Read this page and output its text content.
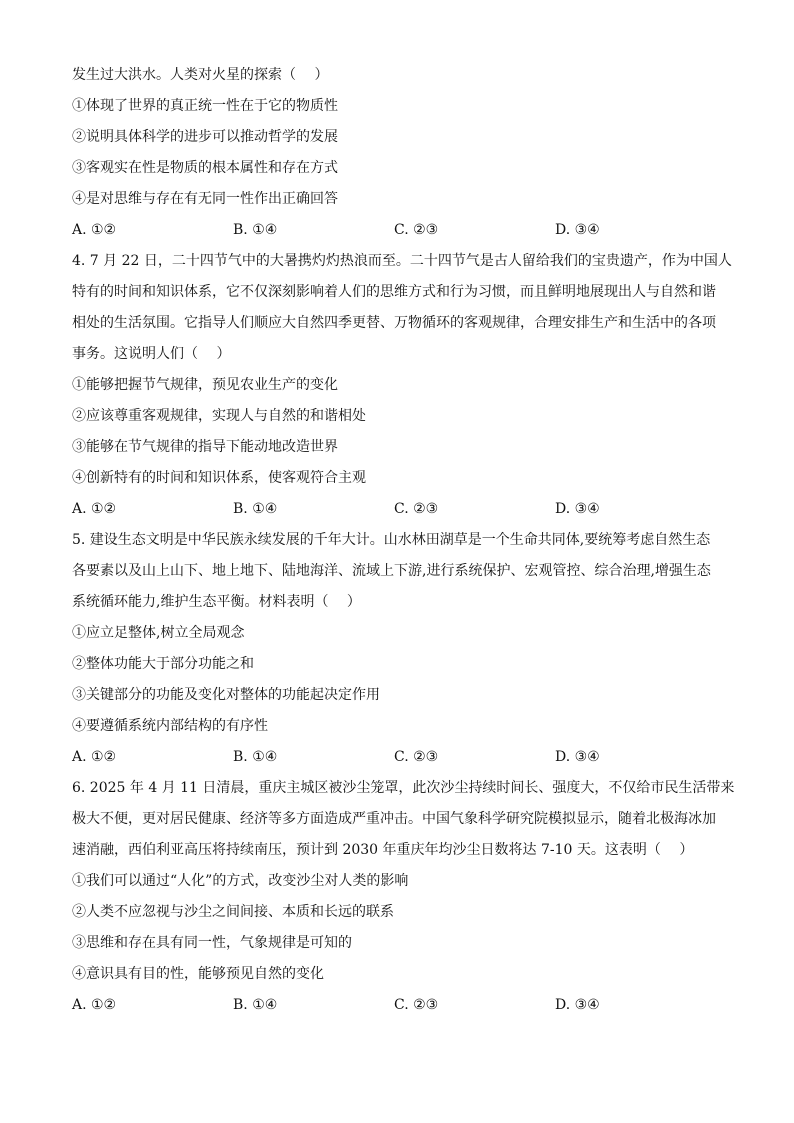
发生过大洪水。人类对火星的探索（　 ）
①体现了世界的真正统一性在于它的物质性
②说明具体科学的进步可以推动哲学的发展
③客观实在性是物质的根本属性和存在方式
④是对思维与存在有无同一性作出正确回答
A. ①②	B. ①④	C. ②③	D. ③④
4. 7 月 22 日，二十四节气中的大暑携灼灼热浪而至。二十四节气是古人留给我们的宝贵遗产，作为中国人
特有的时间和知识体系，它不仅深刻影响着人们的思维方式和行为习惯，而且鲜明地展现出人与自然和谐
相处的生活氛围。它指导人们顺应大自然四季更替、万物循环的客观规律，合理安排生产和生活中的各项
事务。这说明人们（　 ）
①能够把握节气规律，预见农业生产的变化
②应该尊重客观规律，实现人与自然的和谐相处
③能够在节气规律的指导下能动地改造世界
④创新特有的时间和知识体系，使客观符合主观
A. ①②	B. ①④	C. ②③	D. ③④
5. 建设生态文明是中华民族永续发展的千年大计。山水林田湖草是一个生命共同体,要统筹考虑自然生态
各要素以及山上山下、地上地下、陆地海洋、流域上下游,进行系统保护、宏观管控、综合治理,增强生态
系统循环能力,维护生态平衡。材料表明（　 ）
①应立足整体,树立全局观念
②整体功能大于部分功能之和
③关键部分的功能及变化对整体的功能起决定作用
④要遵循系统内部结构的有序性
A. ①②	B. ①④	C. ②③	D. ③④
6. 2025 年 4 月 11 日清晨，重庆主城区被沙尘笼罩，此次沙尘持续时间长、强度大，不仅给市民生活带来
极大不便，更对居民健康、经济等多方面造成严重冲击。中国气象科学研究院模拟显示，随着北极海冰加
速消融，西伯利亚高压将持续南压，预计到 2030 年重庆年均沙尘日数将达 7-10 天。这表明（　 ）
①我们可以通过“人化”的方式，改变沙尘对人类的影响
②人类不应忽视与沙尘之间间接、本质和长远的联系
③思维和存在具有同一性，气象规律是可知的
④意识具有目的性，能够预见自然的变化
A. ①②	B. ①④	C. ②③	D. ③④
